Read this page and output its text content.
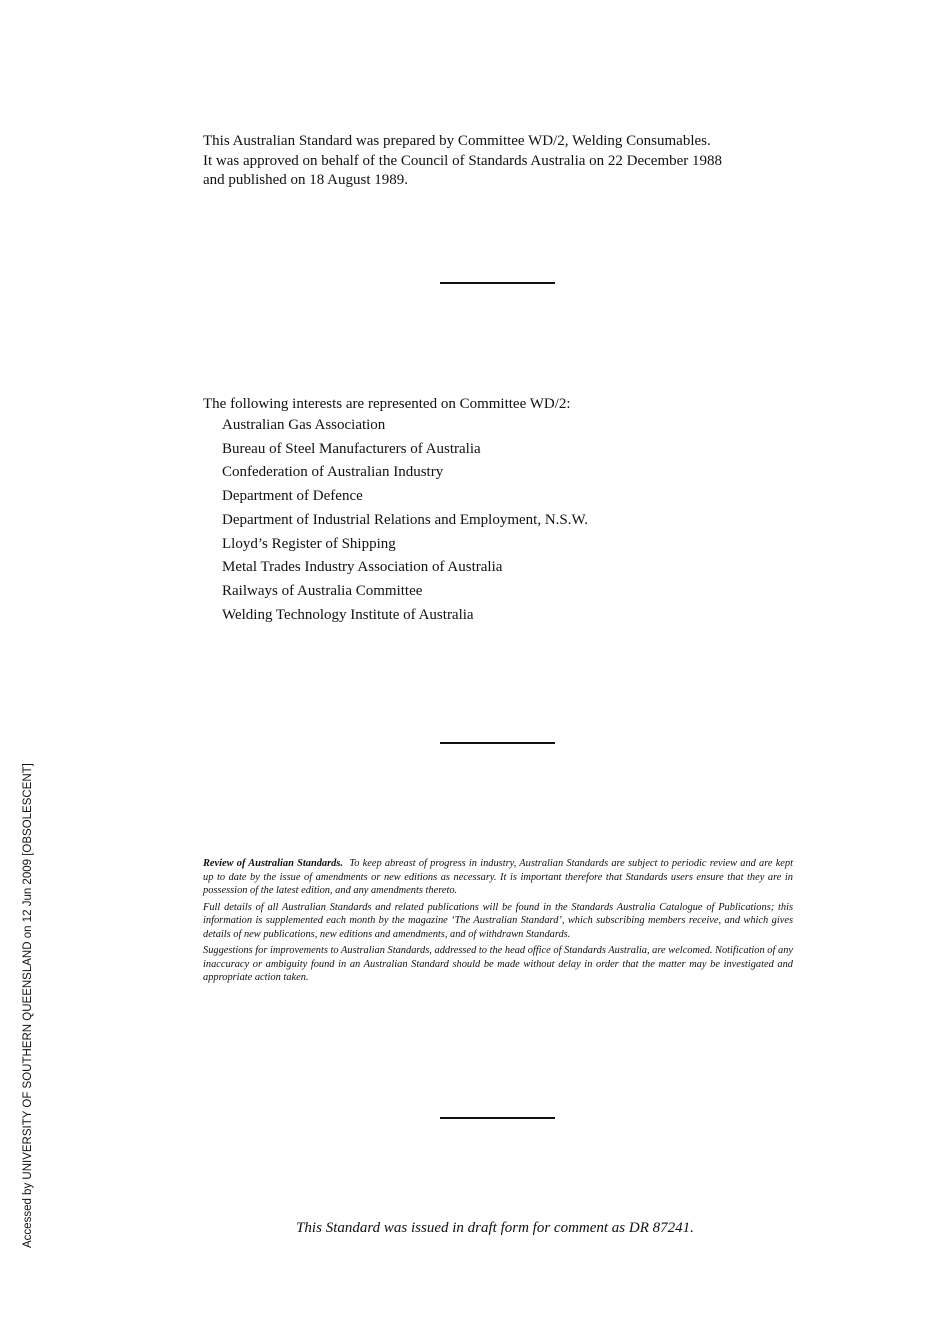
This Australian Standard was prepared by Committee WD/2, Welding Consumables.
It was approved on behalf of the Council of Standards Australia on 22 December 1988
and published on 18 August 1989.

The following interests are represented on Committee WD/2:

Australian Gas Association
Bureau of Steel Manufacturers of Australia
Confederation of Australian Industry
Department of Defence
Department of Industrial Relations and Employment, N.S.W.
Lloyd’s Register of Shipping
Metal Trades Industry Association of Australia
Railways of Australia Committee
Welding Technology Institute of Australia

Review of Australian Standards. To keep abreast of progress in industry, Australian Standards are subject to periodic review and are kept up to date by the issue of amendments or new editions as necessary. It is important therefore that Standards users ensure that they are in possession of the latest edition, and any amendments thereto.

Full details of all Australian Standards and related publications will be found in the Standards Australia Catalogue of Publications; this information is supplemented each month by the magazine ‘The Australian Standard’, which subscribing members receive, and which gives details of new publications, new editions and amendments, and of withdrawn Standards.

Suggestions for improvements to Australian Standards, addressed to the head office of Standards Australia, are welcomed. Notification of any inaccuracy or ambiguity found in an Australian Standard should be made without delay in order that the matter may be investigated and appropriate action taken.

This Standard was issued in draft form for comment as DR 87241.

Accessed by UNIVERSITY OF SOUTHERN QUEENSLAND on 12 Jun 2009 [OBSOLESCENT]
